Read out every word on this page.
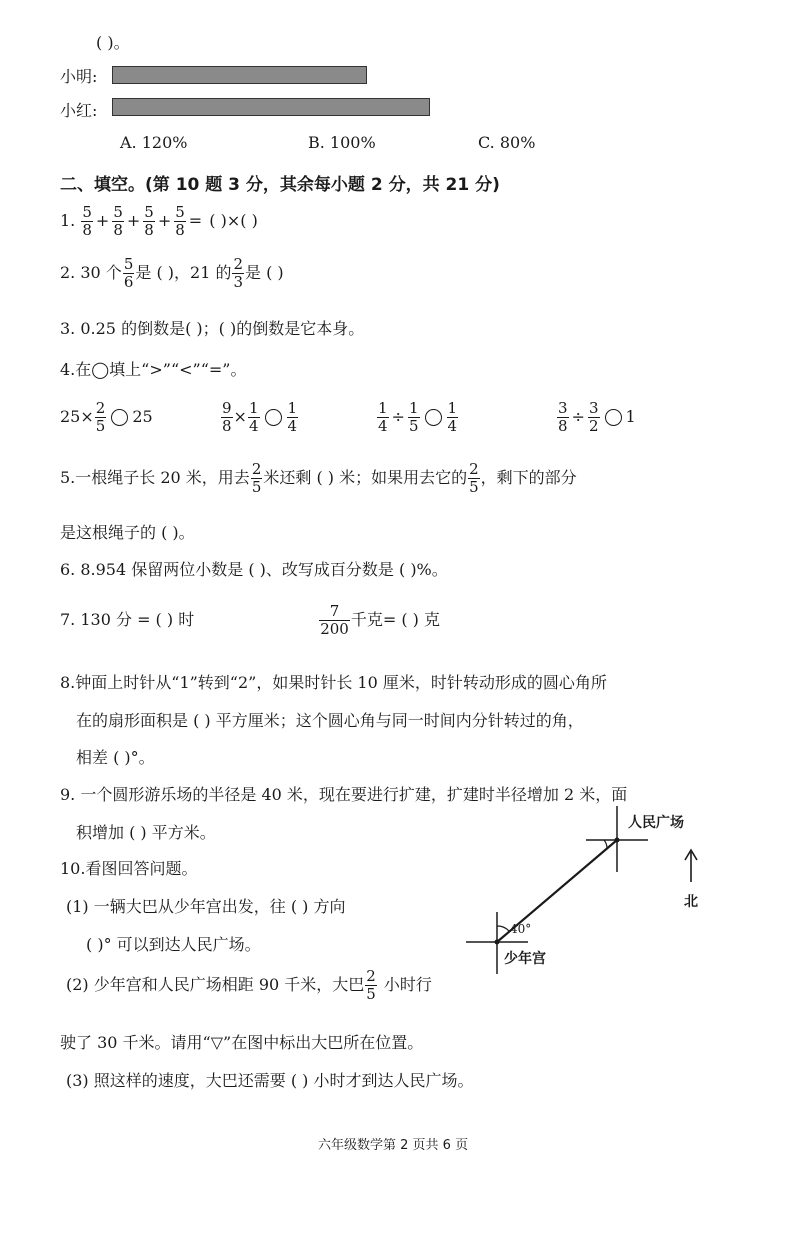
( )。
小明:
小红:
A. 120%	B. 100%	C. 80%
二、填空。(第 10 题 3 分，其余每小题 2 分，共 21 分)
1. $\frac{5}{8} + \frac{5}{8} + \frac{5}{8} + \frac{5}{8}$ = ( )×( )
2. 30 个 $\frac{5}{6}$ 是 ( )，21 的 $\frac{2}{3}$ 是 ( )
3. 0.25 的倒数是( )；( )的倒数是它本身。
4.在◯填上“>”“<”“=”。
$25\times \frac{2}{5} 25$	$\frac{9}{8} \times \frac{1}{4} \frac{1}{4}$	$\frac{1}{4} \div \frac{1}{5} \frac{1}{4}$	$\frac{3}{8} \div \frac{3}{2} 1$
5.一根绳子长 20 米，用去 $\frac{2}{5}$ 米还剩 ( ) 米；如果用去它的 $\frac{2}{5}$ ，剩下的部分
是这根绳子的 ( )。
6. 8.954 保留两位小数是 ( )、改写成百分数是 ( )%。
7. 130 分 = ( ) 时	$\frac{7}{200}$ 千克= ( ) 克
8.钟面上时针从“1”转到“2”，如果时针长 10 厘米，时针转动形成的圆心角所
在的扇形面积是 ( ) 平方厘米；这个圆心角与同一时间内分针转过的角，
相差 ( )°。
9. 一个圆形游乐场的半径是 40 米，现在要进行扩建，扩建时半径增加 2 米，面
积增加 ( ) 平方米。
10.看图回答问题。
(1) 一辆大巴从少年宫出发，往 ( ) 方向
( )° 可以到达人民广场。
(2) 少年宫和人民广场相距 90 千米，大巴 $\frac{2}{5}$ 小时行
驶了 30 千米。请用“▽”在图中标出大巴所在位置。
(3) 照这样的速度，大巴还需要 ( ) 小时才到达人民广场。
人民广场
少年宫
北
40°
六年级数学第 2 页共 6 页
